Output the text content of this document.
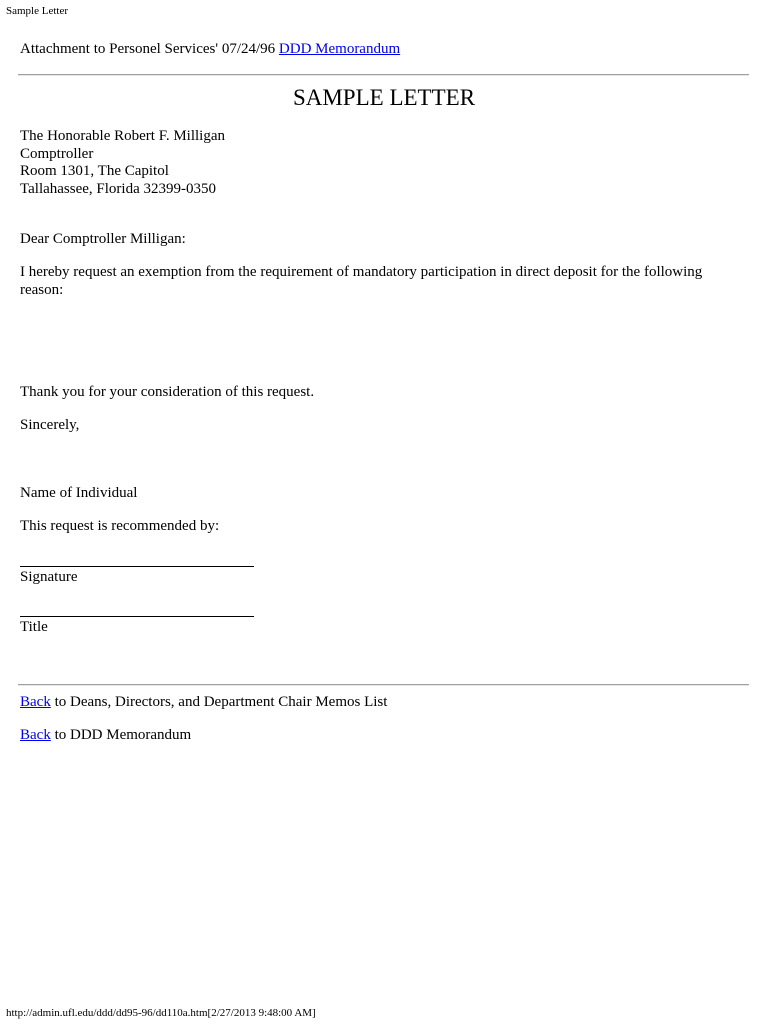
Sample Letter
Attachment to Personel Services' 07/24/96 DDD Memorandum
SAMPLE LETTER
The Honorable Robert F. Milligan
Comptroller
Room 1301, The Capitol
Tallahassee, Florida 32399-0350
Dear Comptroller Milligan:
I hereby request an exemption from the requirement of mandatory participation in direct deposit for the following reason:
Thank you for your consideration of this request.
Sincerely,
Name of Individual
This request is recommended by:
Signature
Title
Back to Deans, Directors, and Department Chair Memos List
Back to DDD Memorandum
http://admin.ufl.edu/ddd/dd95-96/dd110a.htm[2/27/2013 9:48:00 AM]
